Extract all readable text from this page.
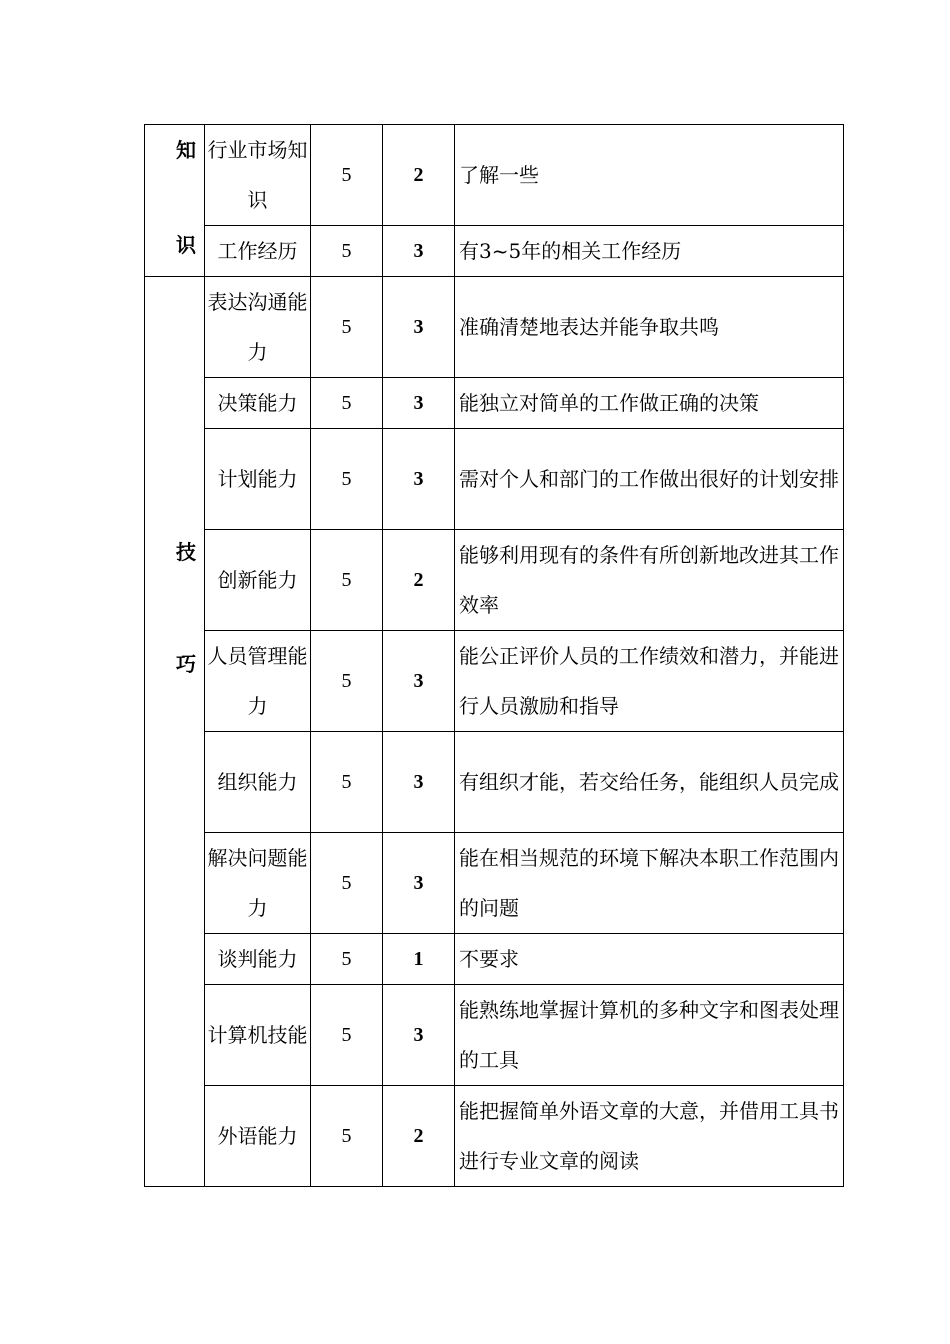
知
识	行业市场知识	5	2	了解一些
	工作经历	5	3	有3~5年的相关工作经历

技
巧	表达沟通能力	5	3	准确清楚地表达并能争取共鸣
	决策能力	5	3	能独立对简单的工作做正确的决策
	计划能力	5	3	需对个人和部门的工作做出很好的计划安排
	创新能力	5	2	能够利用现有的条件有所创新地改进其工作效率
	人员管理能力	5	3	能公正评价人员的工作绩效和潜力，并能进行人员激励和指导
	组织能力	5	3	有组织才能，若交给任务，能组织人员完成
	解决问题能力	5	3	能在相当规范的环境下解决本职工作范围内的问题
	谈判能力	5	1	不要求
	计算机技能	5	3	能熟练地掌握计算机的多种文字和图表处理的工具
	外语能力	5	2	能把握简单外语文章的大意，并借用工具书进行专业文章的阅读
